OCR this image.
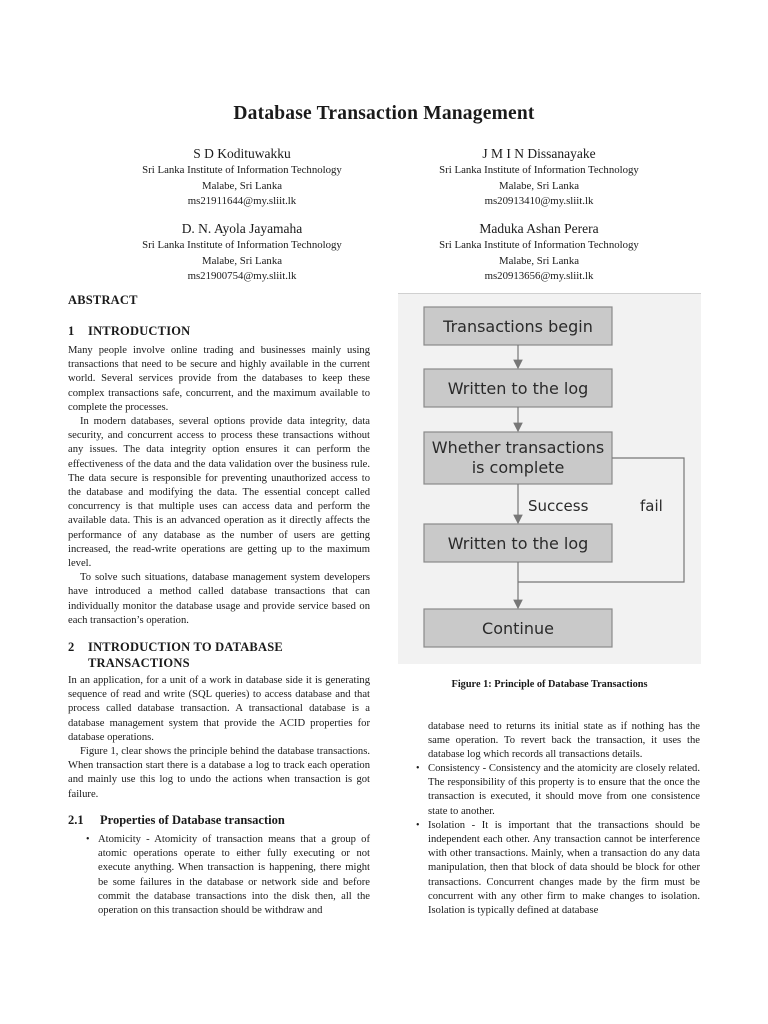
Database Transaction Management
S D Kodituwakku
Sri Lanka Institute of Information Technology
Malabe, Sri Lanka
ms21911644@my.sliit.lk
J M I N Dissanayake
Sri Lanka Institute of Information Technology
Malabe, Sri Lanka
ms20913410@my.sliit.lk
D. N. Ayola Jayamaha
Sri Lanka Institute of Information Technology
Malabe, Sri Lanka
ms21900754@my.sliit.lk
Maduka Ashan Perera
Sri Lanka Institute of Information Technology
Malabe, Sri Lanka
ms20913656@my.sliit.lk
ABSTRACT
1 INTRODUCTION

Many people involve online trading and businesses mainly using transactions that need to be secure and highly available in the current world. Several services provide from the databases to keep these complex transactions safe, concurrent, and the maximum available to complete the processes.

In modern databases, several options provide data integrity, data security, and concurrent access to process these transactions without any issues. The data integrity option ensures it can perform the effectiveness of the data and the data validation over the business rule. The data secure is responsible for preventing unauthorized access to the database and modifying the data. The essential concept called concurrency is that multiple uses can access data and perform the available data. This is an advanced operation as it directly affects the performance of any database as the number of users are getting increased, the read-write operations are getting up to the maximum level.

To solve such situations, database management system developers have introduced a method called database transactions that can individually monitor the database usage and provide service based on each transaction’s operation.

2 INTRODUCTION TO DATABASE
TRANSACTIONS

In an application, for a unit of a work in database side it is generating sequence of read and write (SQL queries) to access database and that process called database transaction. A transactional database is a database management system that provide the ACID properties for database operations.

Figure 1, clear shows the principle behind the database transactions. When transaction start there is a database a log to track each operation and mainly use this log to undo the actions when transaction is got failure.

2.1 Properties of Database transaction
• Atomicity - Atomicity of transaction means that a group of atomic operations operate to either fully executing or not execute anything. When transaction is happening, there might be some failures in the database or network side and before commit the database transactions into the disk then, all the operation on this transaction should be withdraw and
Transactions begin
Written to the log
Whether transactions
is complete
Written to the log
Continue
Success	fail
Figure 1: Principle of Database Transactions

database need to returns its initial state as if nothing has the same operation. To revert back the transaction, it uses the database log which records all transactions details.

• Consistency - Consistency and the atomicity are closely related. The responsibility of this property is to ensure that the once the transaction is executed, it should move from one consistence state to another.
• Isolation - It is important that the transactions should be independent each other. Any transaction cannot be interference with other transactions. Mainly, when a transaction do any data manipulation, then that block of data should be block for other transactions. Concurrent changes made by the firm must be concurrent with any other firm to make changes to isolation. Isolation is typically defined at database
